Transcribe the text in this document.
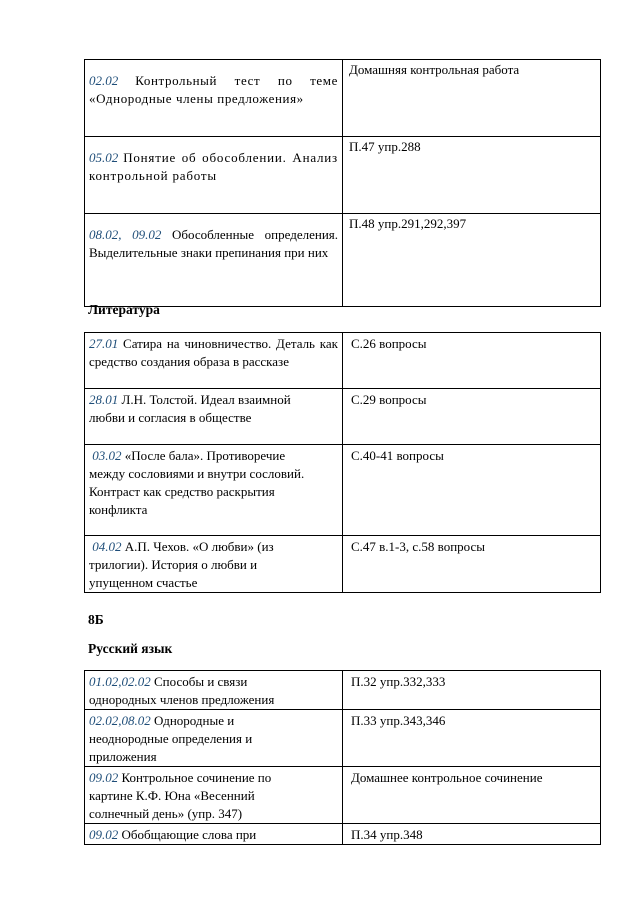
02.02 Контрольный тест по теме «Однородные члены предложения»	Домашняя контрольная работа
05.02 Понятие об обособлении. Анализ контрольной работы	П.47 упр.288
08.02, 09.02 Обособленные определения. Выделительные знаки препинания при них	П.48 упр.291,292,397
Литература
27.01 Сатира на чиновничество. Деталь как средство создания образа в рассказе	С.26 вопросы
28.01 Л.Н. Толстой. Идеал взаимной любви и согласия в обществе	С.29 вопросы
03.02 «После бала». Противоречие между сословиями и внутри сословий. Контраст как средство раскрытия конфликта	С.40-41 вопросы
04.02 А.П. Чехов. «О любви» (из трилогии). История о любви и упущенном счастье	С.47 в.1-3, с.58 вопросы
8Б
Русский язык
01.02,02.02 Способы и связи однородных членов предложения	П.32 упр.332,333
02.02,08.02 Однородные и неоднородные определения и приложения	П.33 упр.343,346
09.02 Контрольное сочинение по картине К.Ф. Юна «Весенний солнечный день» (упр. 347)	Домашнее контрольное сочинение
09.02 Обобщающие слова при	П.34 упр.348
